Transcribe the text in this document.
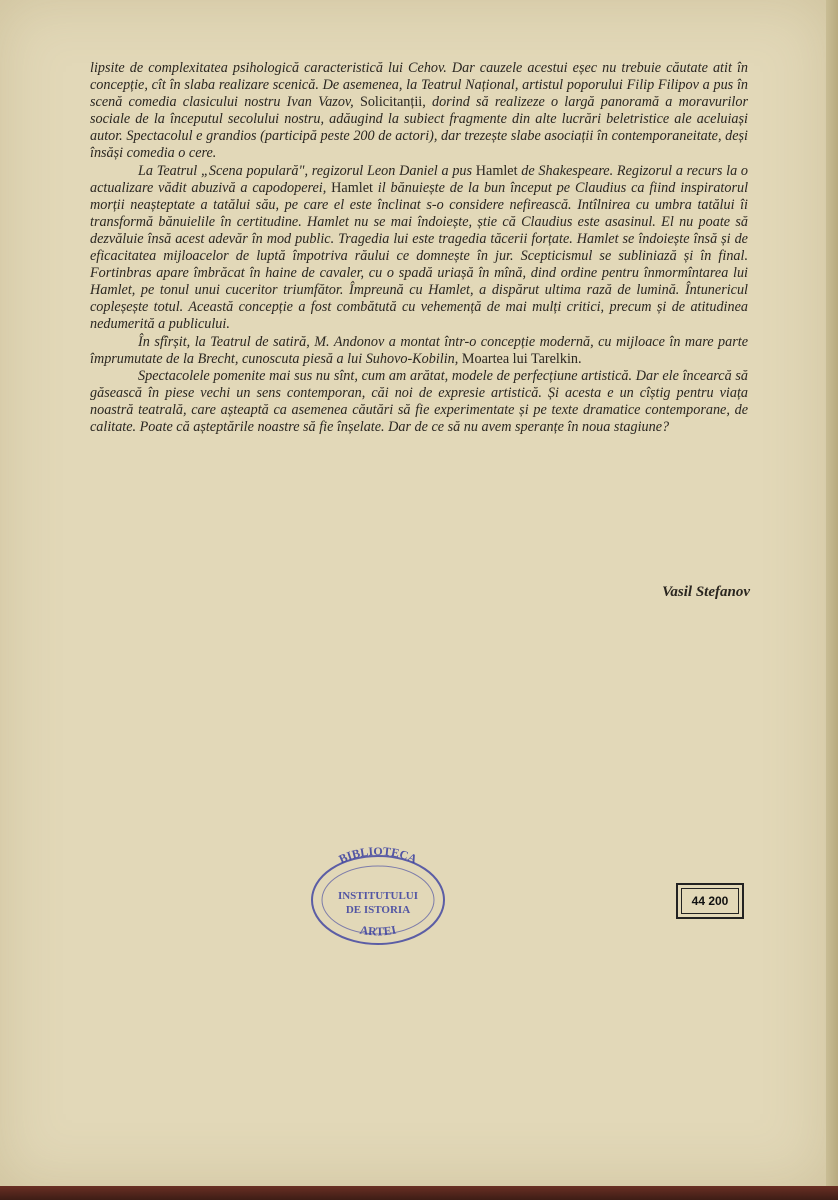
lipsite de complexitatea psihologică caracteristică lui Cehov. Dar cauzele acestui eșec nu trebuie căutate atit în concepție, cît în slaba realizare scenică. De asemenea, la Teatrul Național, artistul poporului Filip Filipov a pus în scenă comedia clasicului nostru Ivan Vazov, Solicitanții, dorind să realizeze o largă panoramă a moravurilor sociale de la începutul secolului nostru, adăugind la subiect fragmente din alte lucrări beletristice ale aceluiași autor. Spectacolul e grandios (participă peste 200 de actori), dar trezește slabe asociații în contemporaneitate, deși însăși comedia o cere.

La Teatrul „Scena populară", regizorul Leon Daniel a pus Hamlet de Shakespeare. Regizorul a recurs la o actualizare vădit abuzivă a capodoperei, Hamlet il bănuiește de la bun început pe Claudius ca fiind inspiratorul morții neașteptate a tatălui său, pe care el este înclinat s-o considere nefirească. Intîlnirea cu umbra tatălui îi transformă bănuielile în certitudine. Hamlet nu se mai îndoiește, știe că Claudius este asasinul. El nu poate să dezvăluie însă acest adevăr în mod public. Tragedia lui este tragedia tăcerii forțate. Hamlet se îndoiește însă și de eficacitatea mijloacelor de luptă împotriva răului ce domnește în jur. Scepticismul se subliniază și în final. Fortinbras apare îmbrăcat în haine de cavaler, cu o spadă uriașă în mînă, dind ordine pentru înmormîntarea lui Hamlet, pe tonul unui cuceritor triumfător. Împreună cu Hamlet, a dispărut ultima rază de lumină. Întunericul copleșește totul. Această concepție a fost combătută cu vehemență de mai mulți critici, precum și de atitudinea nedumerită a publicului.

În sfîrșit, la Teatrul de satiră, M. Andonov a montat într-o concepție modernă, cu mijloace în mare parte împrumutate de la Brecht, cunoscuta piesă a lui Suhovo-Kobilin, Moartea lui Tarelkin.

Spectacolele pomenite mai sus nu sînt, cum am arătat, modele de perfecțiune artistică. Dar ele încearcă să găsească în piese vechi un sens contemporan, căi noi de expresie artistică. Și acesta e un cîștig pentru viața noastră teatrală, care așteaptă ca asemenea căutări să fie experimentate și pe texte dramatice contemporane, de calitate. Poate că așteptările noastre să fie înșelate. Dar de ce să nu avem speranțe în noua stagiune?

Vasil Stefanov
BIBLIOTECA
INSTITUTULUI
DE ISTORIA
ARTEI
44 200
